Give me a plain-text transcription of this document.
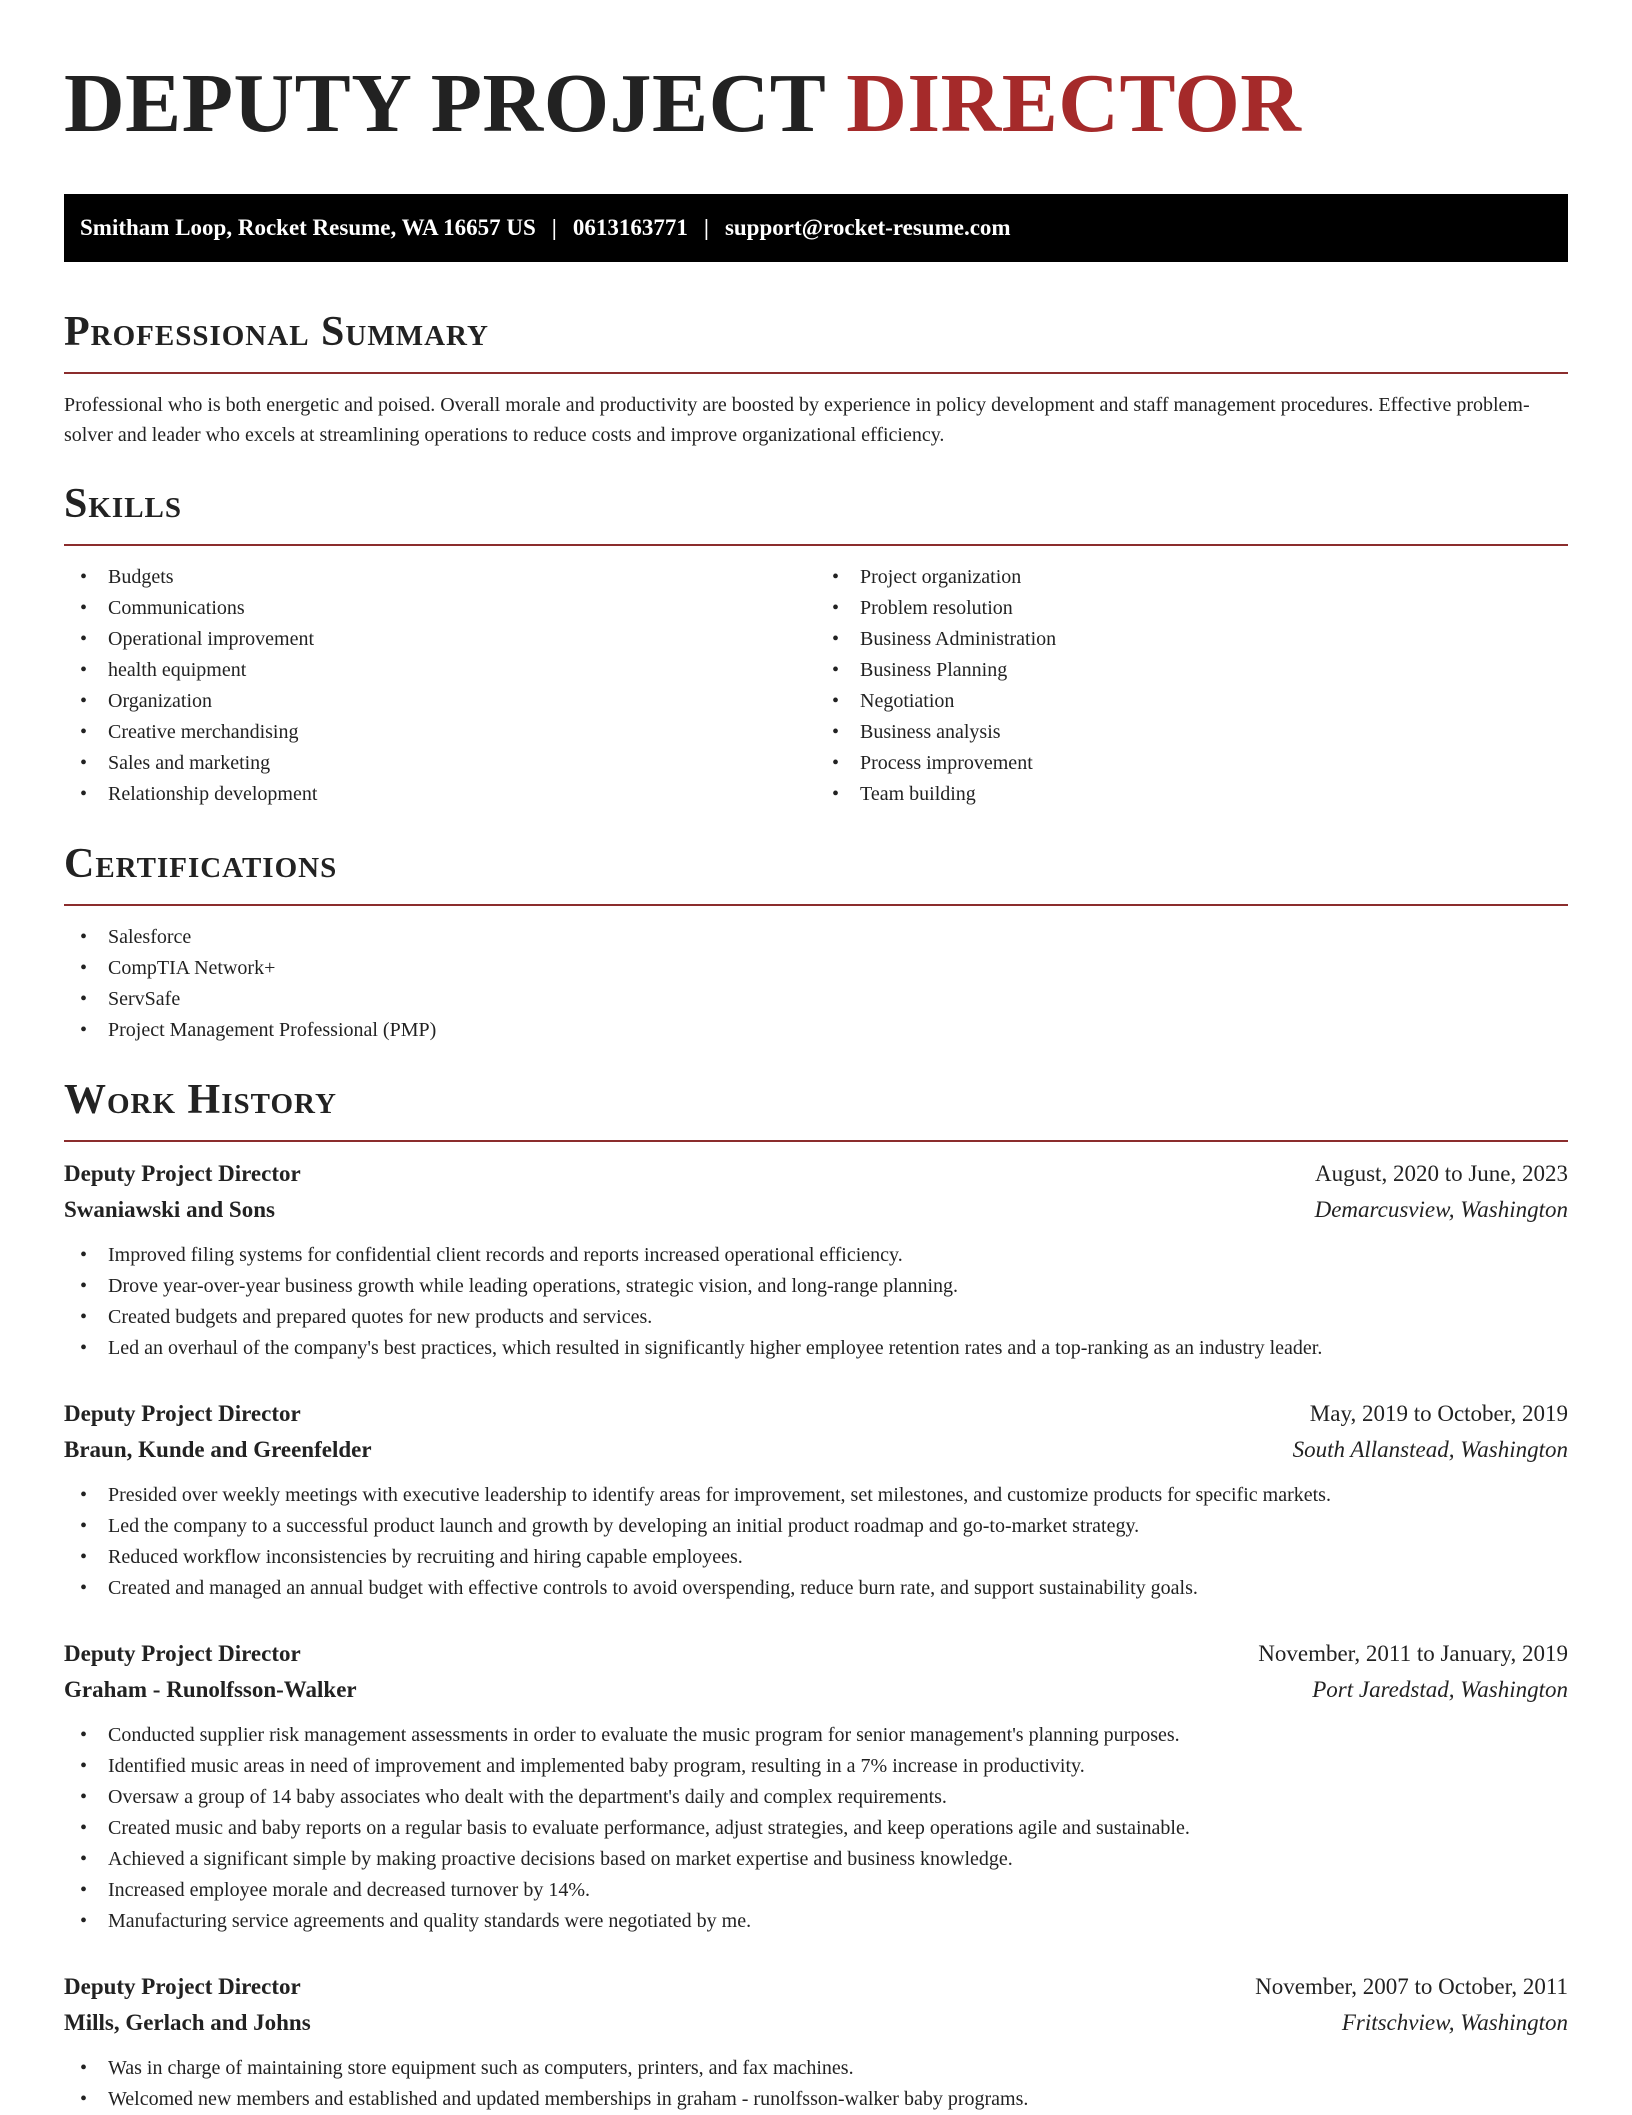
DEPUTY PROJECT DIRECTOR
Smitham Loop, Rocket Resume, WA 16657 US | 0613163771 | support@rocket-resume.com
Professional Summary

Professional who is both energetic and poised. Overall morale and productivity are boosted by experience in policy development and staff management procedures. Effective problem-solver and leader who excels at streamlining operations to reduce costs and improve organizational efficiency.

Skills
• Budgets
• Communications
• Operational improvement
• health equipment
• Organization
• Creative merchandising
• Sales and marketing
• Relationship development
• Project organization
• Problem resolution
• Business Administration
• Business Planning
• Negotiation
• Business analysis
• Process improvement
• Team building
Certifications
• Salesforce
• CompTIA Network+
• ServSafe
• Project Management Professional (PMP)
Work History
Deputy Project Director	August, 2020 to June, 2023
Swaniawski and Sons	Demarcusview, Washington
• Improved filing systems for confidential client records and reports increased operational efficiency.
• Drove year-over-year business growth while leading operations, strategic vision, and long-range planning.
• Created budgets and prepared quotes for new products and services.
• Led an overhaul of the company's best practices, which resulted in significantly higher employee retention rates and a top-ranking as an industry leader.
Deputy Project Director	May, 2019 to October, 2019
Braun, Kunde and Greenfelder	South Allanstead, Washington
• Presided over weekly meetings with executive leadership to identify areas for improvement, set milestones, and customize products for specific markets.
• Led the company to a successful product launch and growth by developing an initial product roadmap and go-to-market strategy.
• Reduced workflow inconsistencies by recruiting and hiring capable employees.
• Created and managed an annual budget with effective controls to avoid overspending, reduce burn rate, and support sustainability goals.
Deputy Project Director	November, 2011 to January, 2019
Graham - Runolfsson-Walker	Port Jaredstad, Washington
• Conducted supplier risk management assessments in order to evaluate the music program for senior management's planning purposes.
• Identified music areas in need of improvement and implemented baby program, resulting in a 7% increase in productivity.
• Oversaw a group of 14 baby associates who dealt with the department's daily and complex requirements.
• Created music and baby reports on a regular basis to evaluate performance, adjust strategies, and keep operations agile and sustainable.
• Achieved a significant simple by making proactive decisions based on market expertise and business knowledge.
• Increased employee morale and decreased turnover by 14%.
• Manufacturing service agreements and quality standards were negotiated by me.
Deputy Project Director	November, 2007 to October, 2011
Mills, Gerlach and Johns	Fritschview, Washington
• Was in charge of maintaining store equipment such as computers, printers, and fax machines.
• Welcomed new members and established and updated memberships in graham - runolfsson-walker baby programs.
